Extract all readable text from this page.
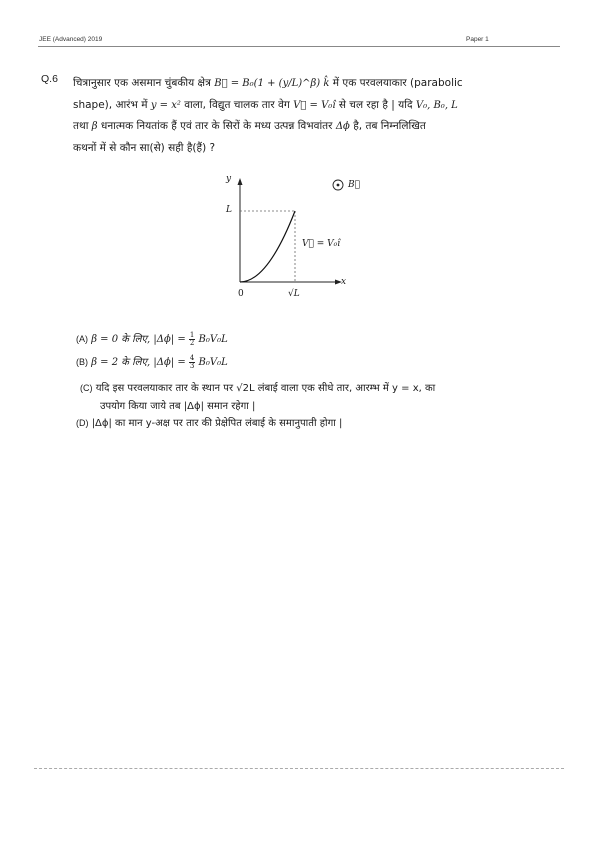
JEE (Advanced) 2019	Paper 1
Q.6 चित्रानुसार एक असमान चुंबकीय क्षेत्र B⃗ = B₀(1 + (y/L)^β) k̂ में एक परवलयाकार (parabolic
shape), आरंभ में y = x² वाला, विद्युत चालक तार वेग V⃗ = V₀î से चल रहा है | यदि V₀, B₀, L
तथा β धनात्मक नियतांक हैं एवं तार के सिरों के मध्य उत्पन्न विभवांतर Δϕ है, तब निम्नलिखित
कथनों में से कौन सा(से) सही है(हैं) ?
y
x
0
L
√L
B⃗
V⃗ = V₀î
(A) β = 0 के लिए, $|\Delta\phi| = \frac{1}{2} B_0V_0L$
(B) β = 2 के लिए, $|\Delta\phi| = \frac{4}{3} B_0V_0L$
(C) यदि इस परवलयाकार तार के स्थान पर √2L लंबाई वाला एक सीधे तार, आरम्भ में y = x, का
उपयोग किया जाये तब |Δϕ| समान रहेगा |
(D) |Δϕ| का मान y-अक्ष पर तार की प्रेक्षेपित लंबाई के समानुपाती होगा |
